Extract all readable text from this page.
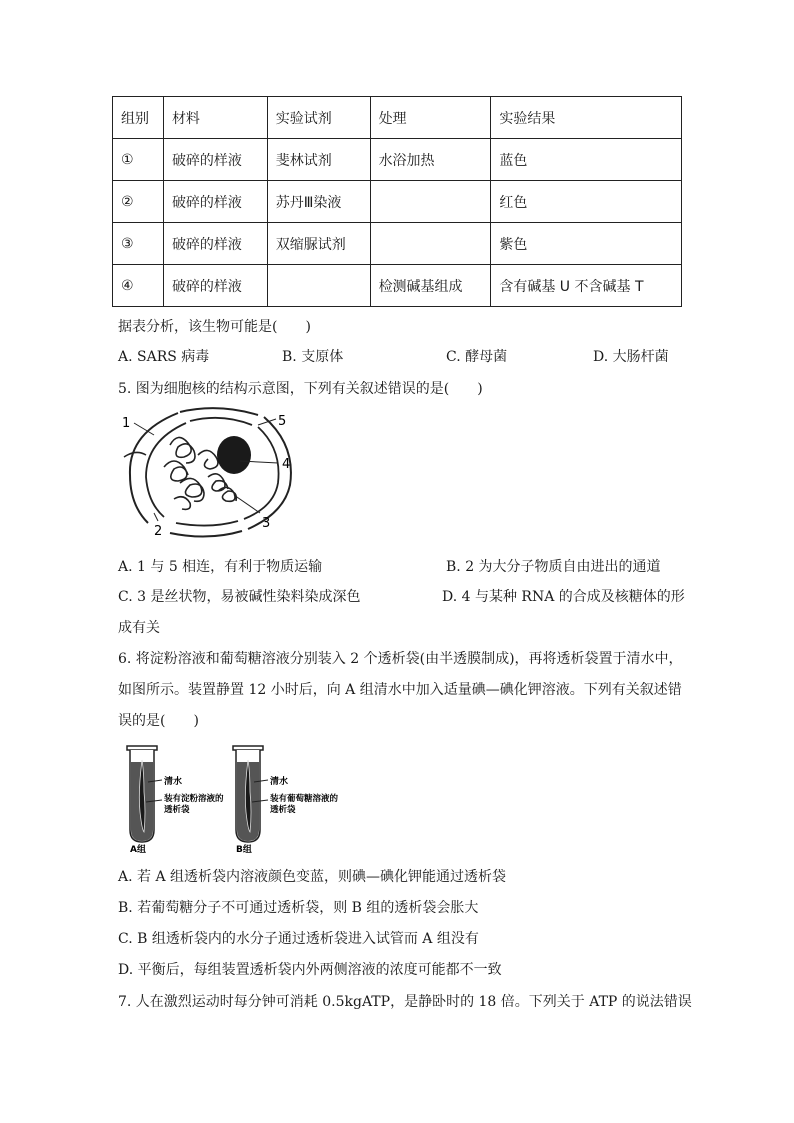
组别	材料	实验试剂	处理	实验结果
①	破碎的样液	斐林试剂	水浴加热	蓝色
②	破碎的样液	苏丹Ⅲ染液		红色
③	破碎的样液	双缩脲试剂		紫色
④	破碎的样液		检测碱基组成	含有碱基 U 不含碱基 T
据表分析，该生物可能是(　　)
A. SARS 病毒	B. 支原体	C. 酵母菌	D. 大肠杆菌
5. 图为细胞核的结构示意图，下列有关叙述错误的是(　　)
1
2
3
4
5
A. 1 与 5 相连，有利于物质运输	B. 2 为大分子物质自由进出的通道
C. 3 是丝状物，易被碱性染料染成深色	D. 4 与某种 RNA 的合成及核糖体的形
成有关
6. 将淀粉溶液和葡萄糖溶液分别装入 2 个透析袋(由半透膜制成)，再将透析袋置于清水中，
如图所示。装置静置 12 小时后，向 A 组清水中加入适量碘—碘化钾溶液。下列有关叙述错
误的是(　　)
清水
装有淀粉溶液的
透析袋
A组
清水
装有葡萄糖溶液的
透析袋
B组
A. 若 A 组透析袋内溶液颜色变蓝，则碘—碘化钾能通过透析袋
B. 若葡萄糖分子不可通过透析袋，则 B 组的透析袋会胀大
C. B 组透析袋内的水分子通过透析袋进入试管而 A 组没有
D. 平衡后，每组装置透析袋内外两侧溶液的浓度可能都不一致
7. 人在激烈运动时每分钟可消耗 0.5kgATP，是静卧时的 18 倍。下列关于 ATP 的说法错误
